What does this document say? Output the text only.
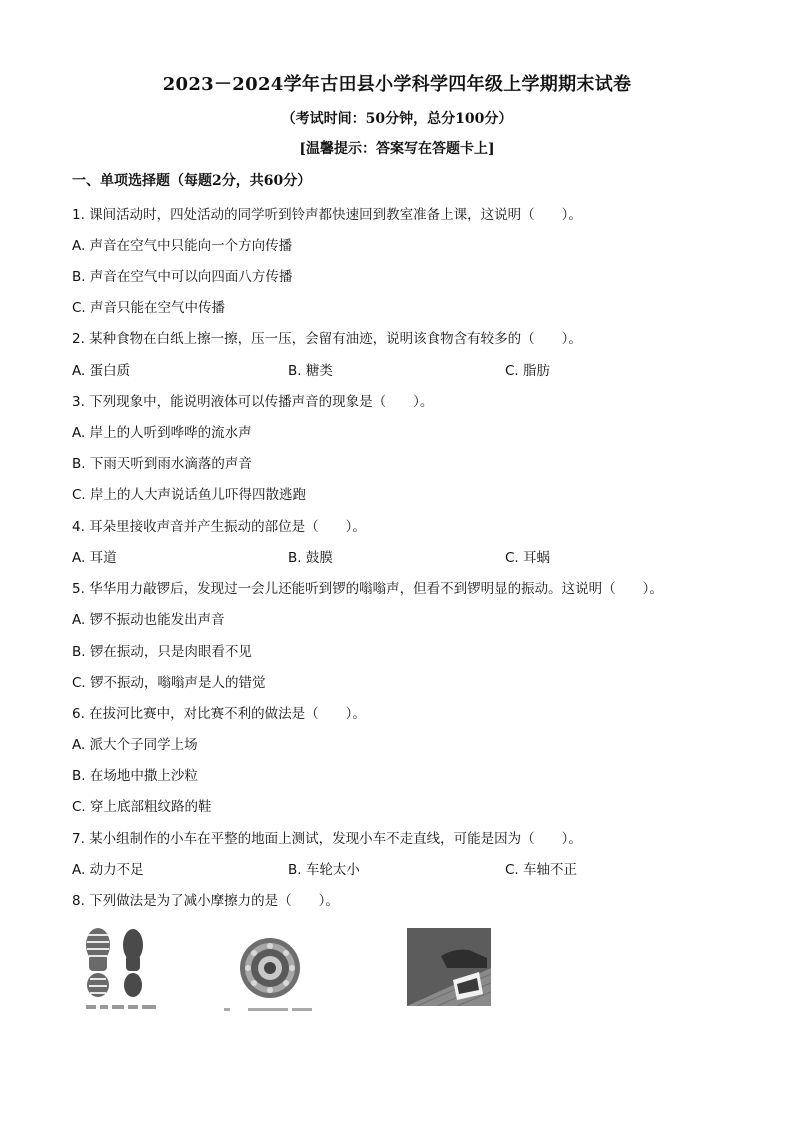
2023－2024学年古田县小学科学四年级上学期期末试卷
（考试时间：50分钟，总分100分）
[温馨提示：答案写在答题卡上]
一、单项选择题（每题2分，共60分）
1. 课间活动时，四处活动的同学听到铃声都快速回到教室准备上课，这说明（　　）。
A. 声音在空气中只能向一个方向传播
B. 声音在空气中可以向四面八方传播
C. 声音只能在空气中传播
2. 某种食物在白纸上擦一擦，压一压，会留有油迹，说明该食物含有较多的（　　）。
A. 蛋白质	B. 糖类	C. 脂肪
3. 下列现象中，能说明液体可以传播声音的现象是（　　）。
A. 岸上的人听到哗哗的流水声
B. 下雨天听到雨水滴落的声音
C. 岸上的人大声说话鱼儿吓得四散逃跑
4. 耳朵里接收声音并产生振动的部位是（　　）。
A. 耳道	B. 鼓膜	C. 耳蜗
5. 华华用力敲锣后，发现过一会儿还能听到锣的嗡嗡声，但看不到锣明显的振动。这说明（　　）。
A. 锣不振动也能发出声音
B. 锣在振动，只是肉眼看不见
C. 锣不振动，嗡嗡声是人的错觉
6. 在拔河比赛中，对比赛不利的做法是（　　）。
A. 派大个子同学上场
B. 在场地中撒上沙粒
C. 穿上底部粗纹路的鞋
7. 某小组制作的小车在平整的地面上测试，发现小车不走直线，可能是因为（　　）。
A. 动力不足	B. 车轮太小	C. 车轴不正
8. 下列做法是为了减小摩擦力的是（　　）。
